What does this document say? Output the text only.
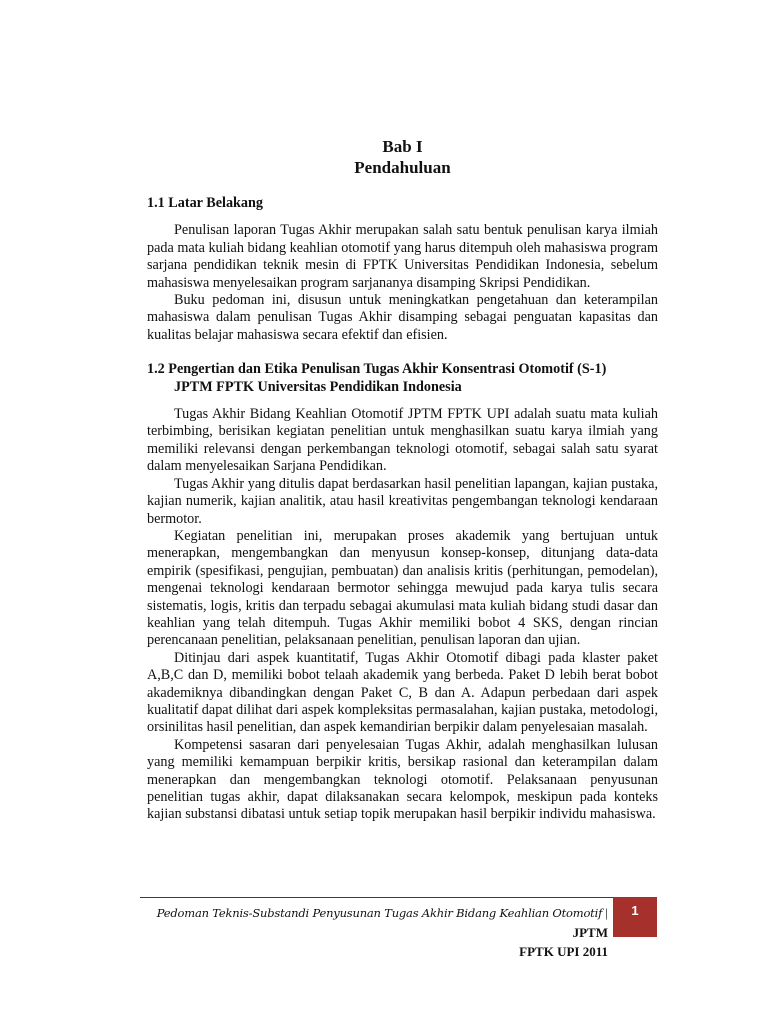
Bab I
Pendahuluan
1.1 Latar Belakang

Penulisan laporan Tugas Akhir merupakan salah satu bentuk penulisan karya ilmiah pada mata kuliah bidang keahlian otomotif yang harus ditempuh oleh mahasiswa program sarjana pendidikan teknik mesin di FPTK Universitas Pendidikan Indonesia, sebelum mahasiswa menyelesaikan program sarjananya disamping Skripsi Pendidikan.

Buku pedoman ini, disusun untuk meningkatkan pengetahuan dan keterampilan mahasiswa dalam penulisan Tugas Akhir disamping sebagai penguatan kapasitas dan kualitas belajar mahasiswa secara efektif dan efisien.

1.2 Pengertian dan Etika Penulisan Tugas Akhir Konsentrasi Otomotif (S-1)
JPTM FPTK Universitas Pendidikan Indonesia

Tugas Akhir Bidang Keahlian Otomotif JPTM FPTK UPI adalah suatu mata kuliah terbimbing, berisikan kegiatan penelitian untuk menghasilkan suatu karya ilmiah yang memiliki relevansi dengan perkembangan teknologi otomotif, sebagai salah satu syarat dalam menyelesaikan Sarjana Pendidikan.

Tugas Akhir yang ditulis dapat berdasarkan hasil penelitian lapangan, kajian pustaka, kajian numerik, kajian analitik, atau hasil kreativitas pengembangan teknologi kendaraan bermotor.

Kegiatan penelitian ini, merupakan proses akademik yang bertujuan untuk menerapkan, mengembangkan dan menyusun konsep-konsep, ditunjang data-data empirik (spesifikasi, pengujian, pembuatan) dan analisis kritis (perhitungan, pemodelan), mengenai teknologi kendaraan bermotor sehingga mewujud pada karya tulis secara sistematis, logis, kritis dan terpadu sebagai akumulasi mata kuliah bidang studi dasar dan keahlian yang telah ditempuh. Tugas Akhir memiliki bobot 4 SKS, dengan rincian perencanaan penelitian, pelaksanaan penelitian, penulisan laporan dan ujian.

Ditinjau dari aspek kuantitatif, Tugas Akhir Otomotif dibagi pada klaster paket A,B,C dan D, memiliki bobot telaah akademik yang berbeda. Paket D lebih berat bobot akademiknya dibandingkan dengan Paket C, B dan A. Adapun perbedaan dari aspek kualitatif dapat dilihat dari aspek kompleksitas permasalahan, kajian pustaka, metodologi, orsinilitas hasil penelitian, dan aspek kemandirian berpikir dalam penyelesaian masalah.

Kompetensi sasaran dari penyelesaian Tugas Akhir, adalah menghasilkan lulusan yang memiliki kemampuan berpikir kritis, bersikap rasional dan keterampilan dalam menerapkan dan mengembangkan teknologi otomotif. Pelaksanaan penyusunan penelitian tugas akhir, dapat dilaksanakan secara kelompok, meskipun pada konteks kajian substansi dibatasi untuk setiap topik merupakan hasil berpikir individu mahasiswa.

Pedoman Teknis-Substandi Penyusunan Tugas Akhir Bidang Keahlian Otomotif | JPTM
FPTK UPI 2011
1
